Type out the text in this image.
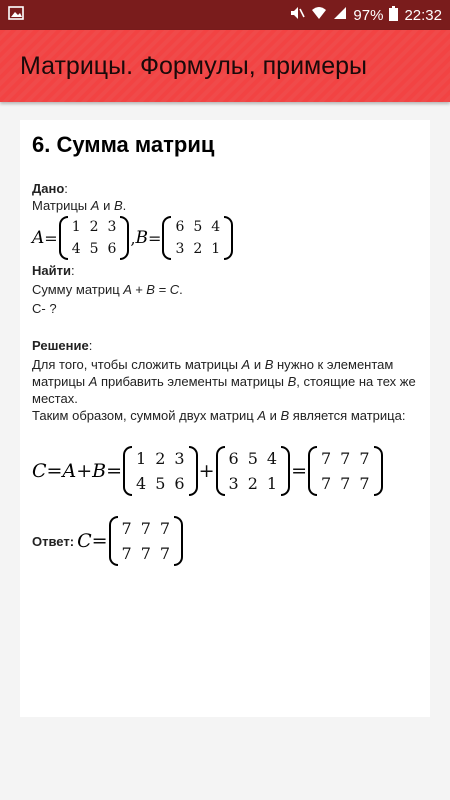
97% 22:32
Матрицы. Формулы, примеры
6. Сумма матриц
Дано:
Матрицы A и B.
A =
1 2 3
4 5 6
, B =
6 5 4
3 2 1
Найти:
Сумму матриц A + B = C.
С- ?
Решение:
Для того, чтобы сложить матрицы A и B нужно к элементам матрицы A прибавить элементы матрицы B, стоящие на тех же местах.
Таким образом, суммой двух матриц A и B является матрица:
C = A + B =
1 2 3
4 5 6
+
6 5 4
3 2 1
=
7 7 7
7 7 7
Ответ: C =
7 7 7
7 7 7
